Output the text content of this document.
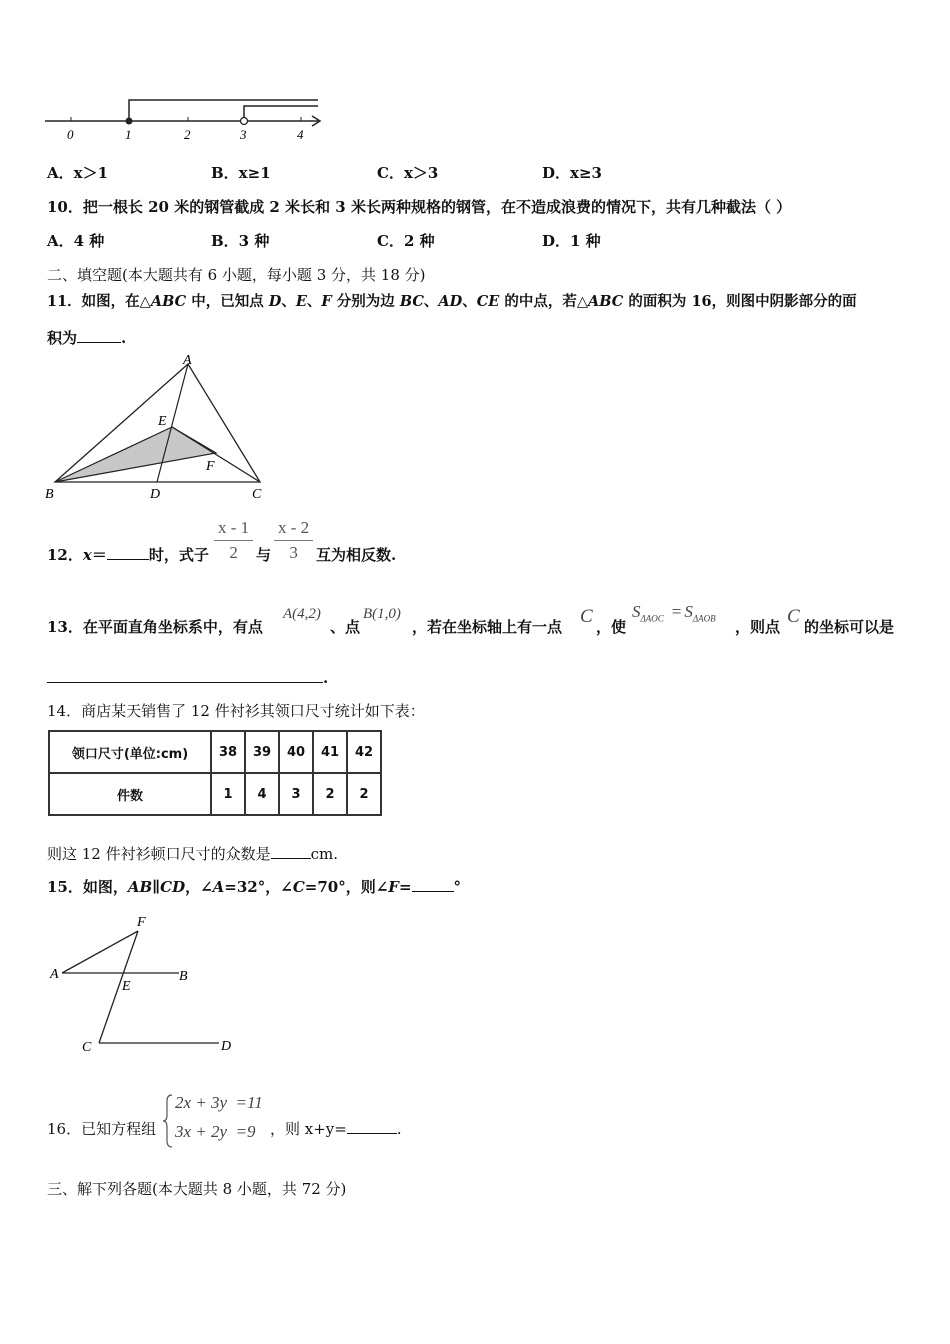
0	1	2	3	4
A．x＞1	B．x≥1	C．x＞3	D．x≥3
10．把一根长 20 米的钢管截成 2 米长和 3 米长两种规格的钢管，在不造成浪费的情况下，共有几种截法（ ）
A．4 种	B．3 种	C．2 种	D．1 种
二、填空题(本大题共有 6 小题，每小题 3 分，共 18 分)
11．如图，在△ABC 中，已知点 D、E、F 分别为边 BC、AD、CE 的中点，若△ABC 的面积为 16，则图中阴影部分的面
积为	.
A
E
F
B	D	C
12．x＝	时，式子
x - 1
2	与
x - 2
3	互为相反数.
13．在平面直角坐标系中，有点
A(4,2)
、点
B(1,0)
，若在坐标轴上有一点 C ，使
$S_{\Delta AOC} = S_{\Delta AOB}$ ，则点 C 的坐标可以是
.
14．商店某天销售了 12 件衬衫其领口尺寸统计如下表：
领口尺寸(单位:cm)	38	39	40	41	42
件数	1	4	3	2	2
则这 12 件衬衫顿口尺寸的众数是	cm.
15．如图，AB∥CD，∠A=32°，∠C=70°，则∠F=	°
F
A
E
B
C	D
16．已知方程组
2x + 3y  =11
3x + 2y  =9 ，则 x+y=	.
三、解下列各题(本大题共 8 小题，共 72 分)
